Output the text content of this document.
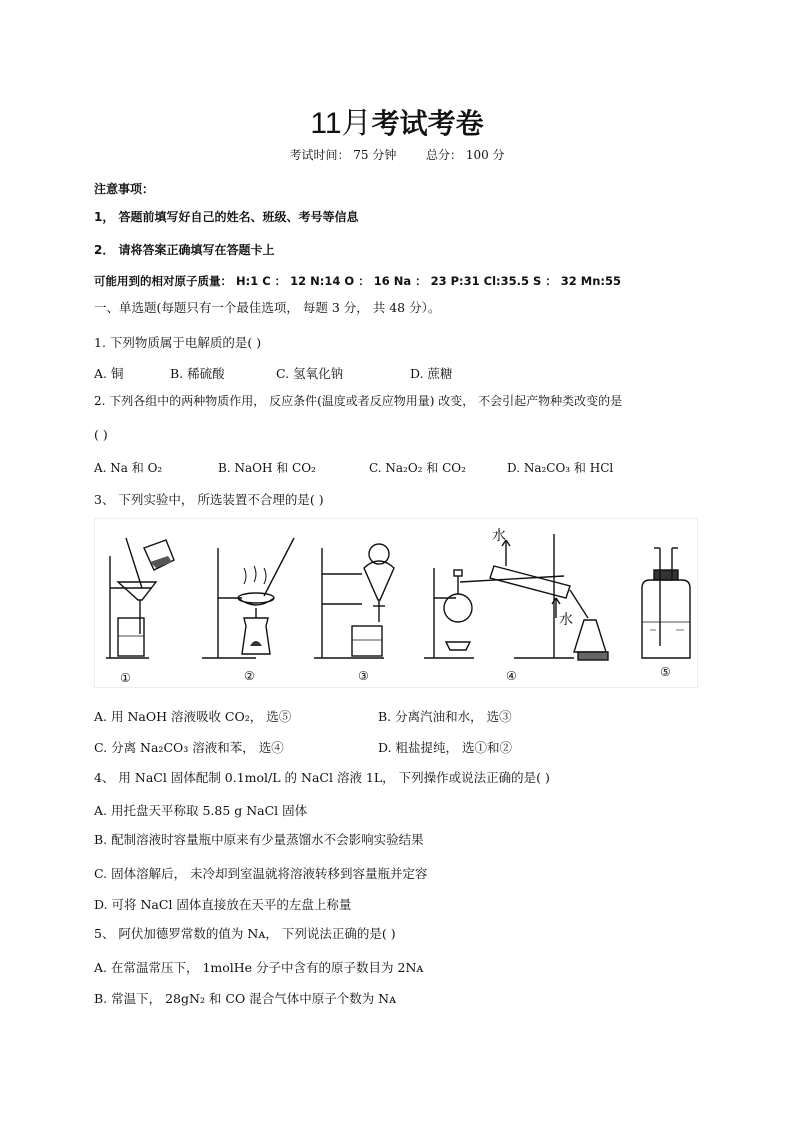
11月考试考卷
考试时间： 75 分钟 总分： 100 分
注意事项：
1， 答题前填写好自己的姓名、班级、考号等信息
2． 请将答案正确填写在答题卡上
可能用到的相对原子质量： H:1 C ： 12 N:14 O ： 16 Na ： 23 P:31 Cl:35.5 S ： 32 Mn:55
一、单选题(每题只有一个最佳选项， 每题 3 分， 共 48 分）。
1. 下列物质属于电解质的是( )
A. 铜	B. 稀硫酸	C. 氢氧化钠	D. 蔗糖
2. 下列各组中的两种物质作用， 反应条件(温度或者反应物用量) 改变， 不会引起产物种类改变的是
( )
A. Na 和 O₂	B. NaOH 和 CO₂	C. Na₂O₂ 和 CO₂	D. Na₂CO₃ 和 HCl
3、 下列实验中， 所选装置不合理的是( )
水
水
①	②	③	④	⑤
A. 用 NaOH 溶液吸收 CO₂， 选⑤	B. 分离汽油和水， 选③
C. 分离 Na₂CO₃ 溶液和苯， 选④	D. 粗盐提纯， 选①和②
4、 用 NaCl 固体配制 0.1mol/L 的 NaCl 溶液 1L， 下列操作或说法正确的是( )
A. 用托盘天平称取 5.85 g NaCl 固体
B. 配制溶液时容量瓶中原来有少量蒸馏水不会影响实验结果
C. 固体溶解后， 未冷却到室温就将溶液转移到容量瓶并定容
D. 可将 NaCl 固体直接放在天平的左盘上称量
5、 阿伏加德罗常数的值为 Nᴀ， 下列说法正确的是( )
A. 在常温常压下， 1molHe 分子中含有的原子数目为 2Nᴀ
B. 常温下， 28gN₂ 和 CO 混合气体中原子个数为 Nᴀ
